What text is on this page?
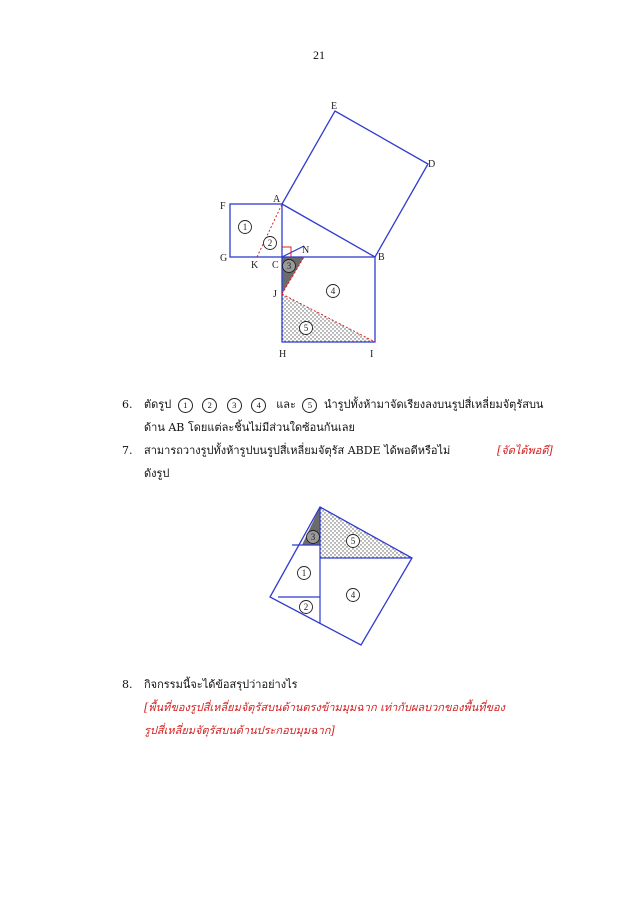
21
E
D
F
A
N
G
K C
B
J
H	I
1
2
3
4
5
3	5
1
4
2
6. ตัดรูป 1 2 3 4 และ 5 นำรูปทั้งห้ามาจัดเรียงลงบนรูปสี่เหลี่ยมจัตุรัสบน
ด้าน AB โดยแต่ละชิ้นไม่มีส่วนใดซ้อนกันเลย
7. สามารถวางรูปทั้งห้ารูปบนรูปสี่เหลี่ยมจัตุรัส ABDE ได้พอดีหรือไม่	[จัดได้พอดี]
ดังรูป
8. กิจกรรมนี้จะได้ข้อสรุปว่าอย่างไร
[พื้นที่ของรูปสี่เหลี่ยมจัตุรัสบนด้านตรงข้ามมุมฉาก เท่ากับผลบวกของพื้นที่ของ
รูปสี่เหลี่ยมจัตุรัสบนด้านประกอบมุมฉาก]
